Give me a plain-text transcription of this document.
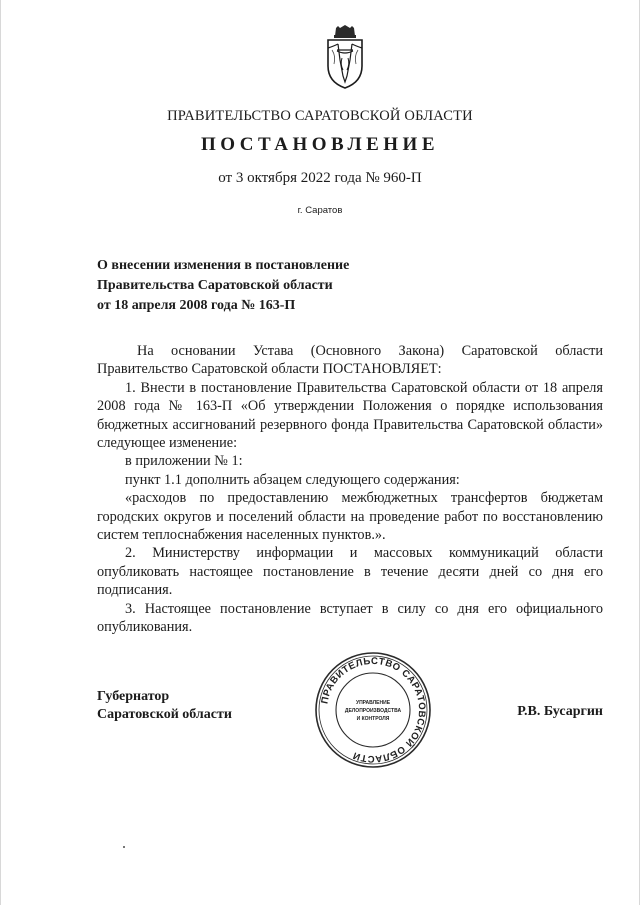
ПРАВИТЕЛЬСТВО САРАТОВСКОЙ ОБЛАСТИ
ПОСТАНОВЛЕНИЕ
от 3 октября 2022 года № 960-П
г. Саратов
О внесении изменения в постановление
Правительства Саратовской области
от 18 апреля 2008 года № 163-П

На основании Устава (Основного Закона) Саратовской области Правительство Саратовской области ПОСТАНОВЛЯЕТ:

1. Внести в постановление Правительства Саратовской области от 18 апреля 2008 года № 163-П «Об утверждении Положения о порядке использования бюджетных ассигнований резервного фонда Правительства Саратовской области» следующее изменение:

в приложении № 1:

пункт 1.1 дополнить абзацем следующего содержания:

«расходов по предоставлению межбюджетных трансфертов бюджетам городских округов и поселений области на проведение работ по восстановлению систем теплоснабжения населенных пунктов.».

2. Министерству информации и массовых коммуникаций области опубликовать настоящее постановление в течение десяти дней со дня его подписания.

3. Настоящее постановление вступает в силу со дня его официального опубликования.

Губернатор
Саратовской области
ПРАВИТЕЛЬСТВО САРАТОВСКОЙ ОБЛАСТИ
УПРАВЛЕНИЕ
ДЕЛОПРОИЗВОДСТВА
И КОНТРОЛЯ	Р.В. Бусаргин
